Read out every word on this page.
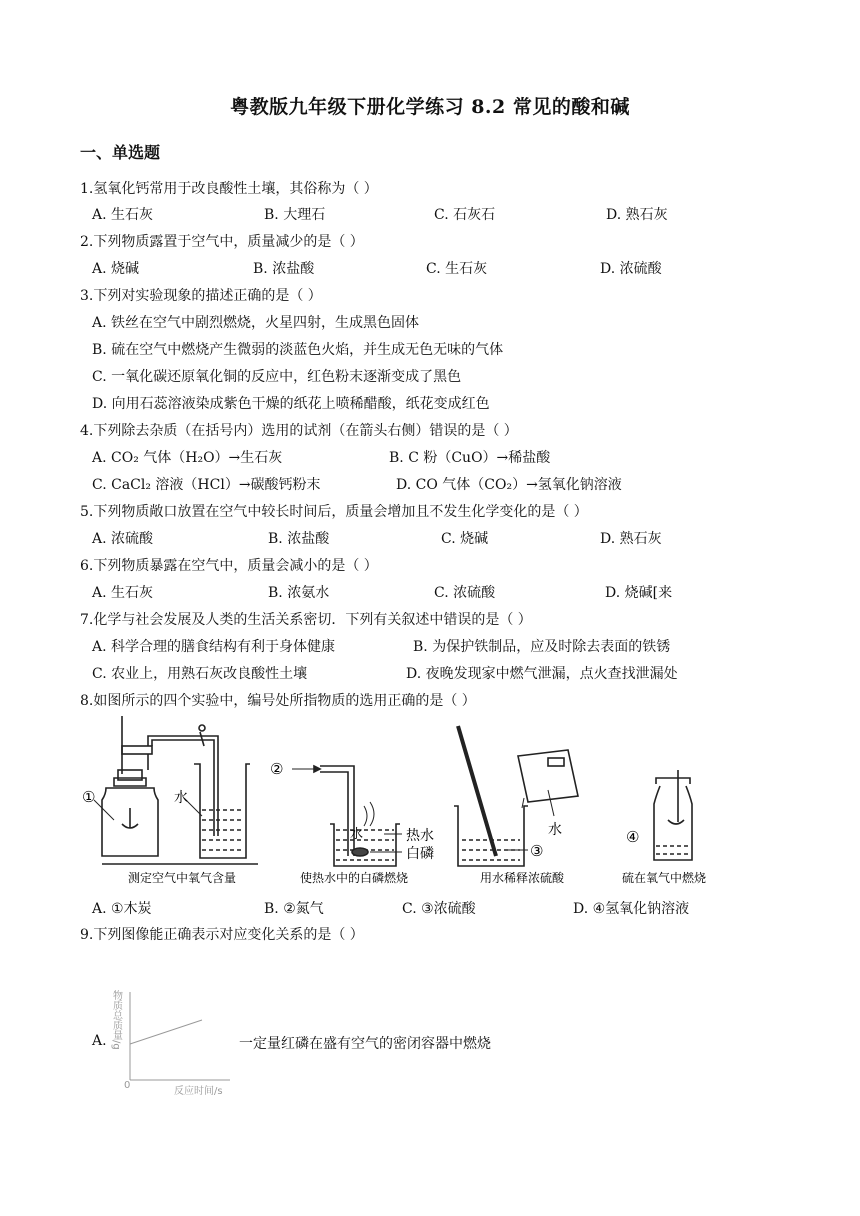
粤教版九年级下册化学练习 8.2 常见的酸和碱
一、单选题
1.氢氧化钙常用于改良酸性土壤，其俗称为（ ）
A. 生石灰	B. 大理石	C. 石灰石	D. 熟石灰
2.下列物质露置于空气中，质量减少的是（ ）
A. 烧碱	B. 浓盐酸	C. 生石灰	D. 浓硫酸
3.下列对实验现象的描述正确的是（ ）
A. 铁丝在空气中剧烈燃烧，火星四射，生成黑色固体
B. 硫在空气中燃烧产生微弱的淡蓝色火焰，并生成无色无味的气体
C. 一氧化碳还原氧化铜的反应中，红色粉末逐渐变成了黑色
D. 向用石蕊溶液染成紫色干燥的纸花上喷稀醋酸，纸花变成红色
4.下列除去杂质（在括号内）选用的试剂（在箭头右侧）错误的是（ ）
A. CO₂ 气体（H₂O）→生石灰	B. C 粉（CuO）→稀盐酸
C. CaCl₂ 溶液（HCl）→碳酸钙粉末	D. CO 气体（CO₂）→氢氧化钠溶液
5.下列物质敞口放置在空气中较长时间后，质量会增加且不发生化学变化的是（ ）
A. 浓硫酸	B. 浓盐酸	C. 烧碱	D. 熟石灰
6.下列物质暴露在空气中，质量会减小的是（ ）
A. 生石灰	B. 浓氨水	C. 浓硫酸	D. 烧碱[来
7.化学与社会发展及人类的生活关系密切．下列有关叙述中错误的是（ ）
A. 科学合理的膳食结构有利于身体健康	B. 为保护铁制品，应及时除去表面的铁锈
C. 农业上，用熟石灰改良酸性土壤	D. 夜晚发现家中燃气泄漏，点火查找泄漏处
8.如图所示的四个实验中，编号处所指物质的选用正确的是（ ）
①	水
②
水	热水
白磷
水
③
④
测定空气中氧气含量	使热水中的白磷燃烧	用水稀释浓硫酸	硫在氧气中燃烧
A. ①木炭	B. ②氮气	C. ③浓硫酸	D. ④氢氧化钠溶液
9.下列图像能正确表示对应变化关系的是（ ）
A. 物质总质量/g
0
反应时间/s
一定量红磷在盛有空气的密闭容器中燃烧
